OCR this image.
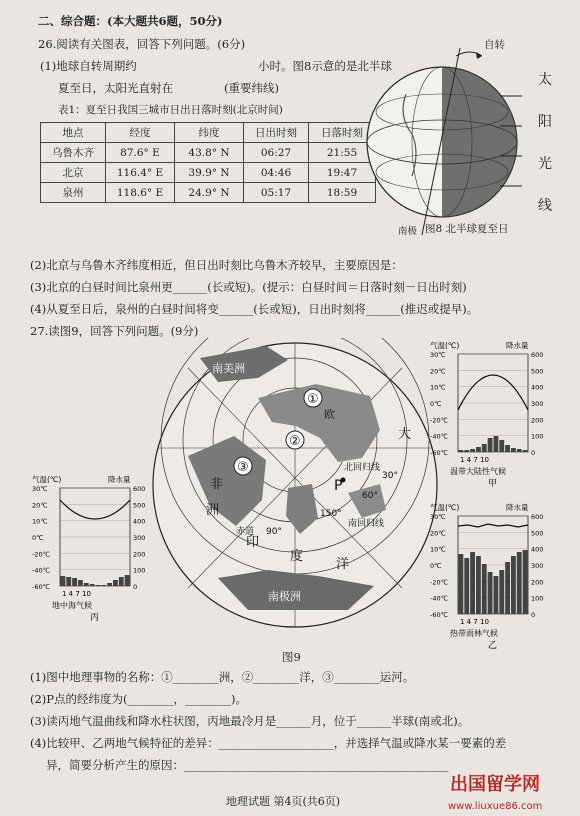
二、综合题：(本大题共6题，50分)
26.阅读有关图表，回答下列问题。(6分)
(1)地球自转周期约	小时。图8示意的是北半球
夏至日，太阳光直射在	(重要纬线)
表1：夏至日我国三城市日出日落时刻(北京时间)
地点	经度	纬度	日出时刻	日落时刻
乌鲁木齐	87.6° E	43.8° N	06:27	21:55
北京	116.4° E	39.9° N	04:46	19:47
泉州	118.6° E	24.9° N	05:17	18:59
自转
太
阳
光
线
南极 图8 北半球夏至日
(2)北京与乌鲁木齐纬度相近，但日出时刻比乌鲁木齐较早，主要原因是：
(3)北京的白昼时间比泉州更______(长或短)。(提示：白昼时间＝日落时刻－日出时刻)
(4)从夏至日后，泉州的白昼时间将变______(长或短)，日出时刻将______(推迟或提早)。
27.读图9，回答下列问题。(9分)
①
②
③
P
南美洲
非
洲
印
度
洋
大
南回归线
北回归线
赤道
150°
90°
30°
60°
欧
南极洲
图9
气温(℃)	降水量
30℃
20℃
10℃
0℃
-20℃
-40℃
-60℃
600
500
400
300
200
100
0
1 4 7 10
温带大陆性气候
甲
气温(℃)	降水量
30℃
20℃
10℃
0℃
-20℃
-40℃
-60℃
600
500
400
300
200
100
0
1 4 7 10
地中海气候
丙
气温(℃)	降水量
30℃
20℃
10℃
0℃
-20℃
-40℃
-60℃
600
500
400
300
200
100
0
1 4 7 10
热带雨林气候
乙
(1)图中地理事物的名称：①________洲，②________洋，③________运河。
(2)P点的经纬度为(________，________)。
(3)读丙地气温曲线和降水柱状图，丙地最冷月是______月，位于______半球(南或北)。
(4)比较甲、乙两地气候特征的差异：____________________，并选择气温或降水某一要素的差
异，简要分析产生的原因：______________________________________________
地理试题 第4页(共6页)
出国留学网
www.liuxue86.com
